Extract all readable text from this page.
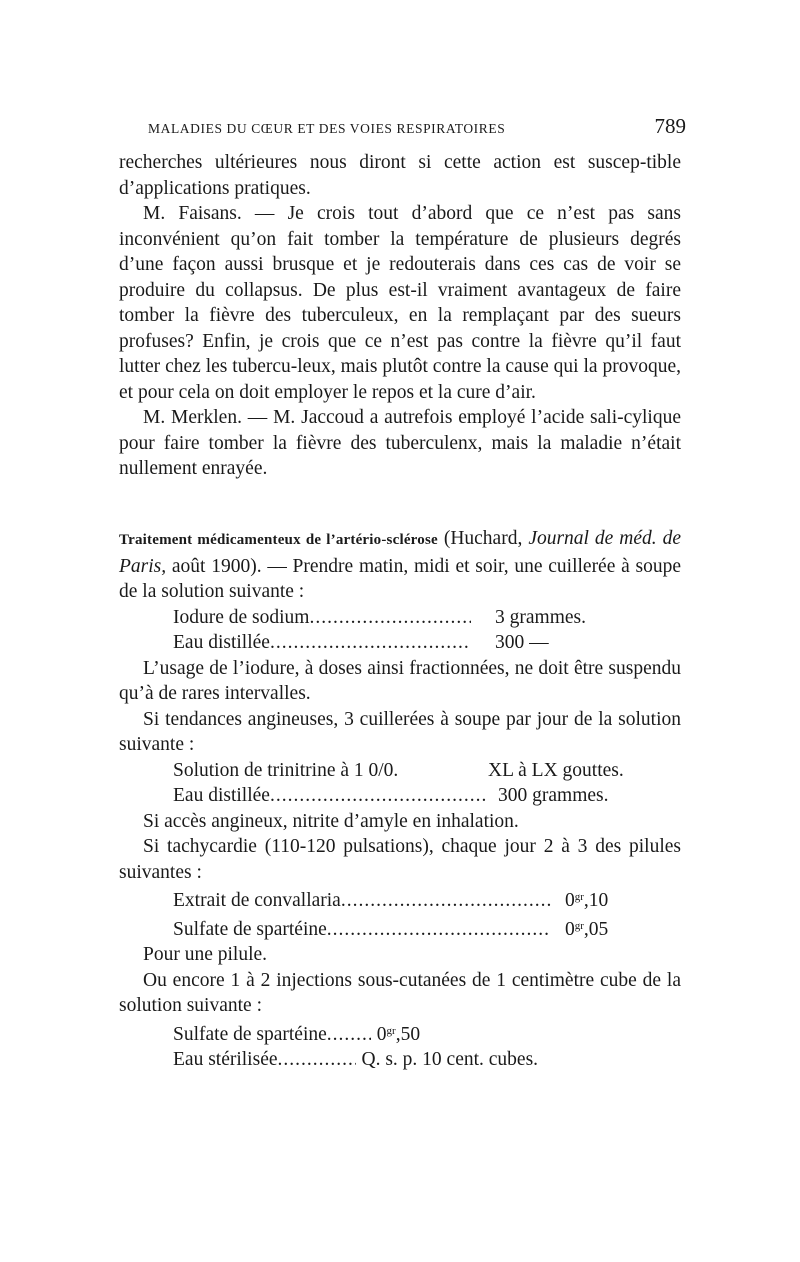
MALADIES DU CŒUR ET DES VOIES RESPIRATOIRES	789

recherches ultérieures nous diront si cette action est suscep-tible d’applications pratiques.

M. Faisans. — Je crois tout d’abord que ce n’est pas sans inconvénient qu’on fait tomber la température de plusieurs degrés d’une façon aussi brusque et je redouterais dans ces cas de voir se produire du collapsus. De plus est-il vraiment avantageux de faire tomber la fièvre des tuberculeux, en la remplaçant par des sueurs profuses? Enfin, je crois que ce n’est pas contre la fièvre qu’il faut lutter chez les tubercu-leux, mais plutôt contre la cause qui la provoque, et pour cela on doit employer le repos et la cure d’air.

M. Merklen. — M. Jaccoud a autrefois employé l’acide sali-cylique pour faire tomber la fièvre des tuberculenx, mais la maladie n’était nullement enrayée.

Traitement médicamenteux de l’artério-sclérose (Huchard, Journal de méd. de Paris, août 1900). — Prendre matin, midi et soir, une cuillerée à soupe de la solution suivante :

Iodure de sodium .....	3 grammes.
Eau distillée .....	300 —

L’usage de l’iodure, à doses ainsi fractionnées, ne doit être suspendu qu’à de rares intervalles.

Si tendances angineuses, 3 cuillerées à soupe par jour de la solution suivante :

Solution de trinitrine à 1 0/0.	XL à LX gouttes.
Eau distillée .....	300 grammes.

Si accès angineux, nitrite d’amyle en inhalation.

Si tachycardie (110-120 pulsations), chaque jour 2 à 3 des pilules suivantes :

Extrait de convallaria .....	$0^{gr},10$
Sulfate de spartéine .....	$0^{gr},05$

Pour une pilule.

Ou encore 1 à 2 injections sous-cutanées de 1 centimètre cube de la solution suivante :

Sulfate de spartéine .....	$0^{gr},50$
Eau stérilisée .....	Q. s. p. 10 cent. cubes.
